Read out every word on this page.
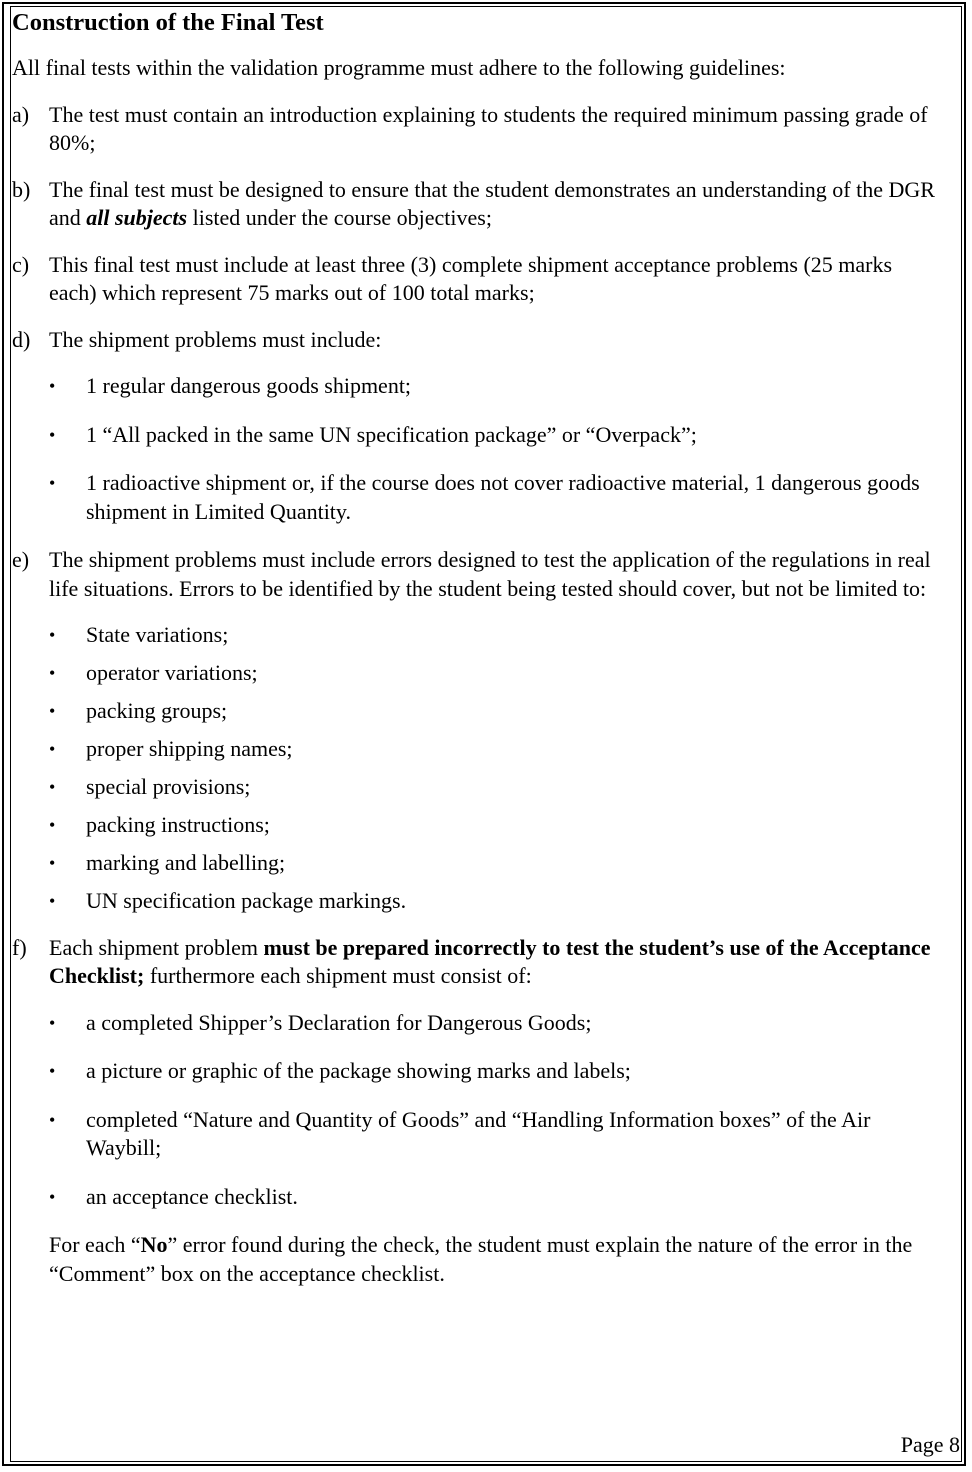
Construction of the Final Test

All final tests within the validation programme must adhere to the following guidelines:

a) The test must contain an introduction explaining to students the required minimum passing grade of 80%;
b) The final test must be designed to ensure that the student demonstrates an understanding of the DGR and all subjects listed under the course objectives;
c) This final test must include at least three (3) complete shipment acceptance problems (25 marks each) which represent 75 marks out of 100 total marks;
d) The shipment problems must include:
•	1 regular dangerous goods shipment;
•	1 “All packed in the same UN specification package” or “Overpack”;
•	1 radioactive shipment or, if the course does not cover radioactive material, 1 dangerous goods shipment in Limited Quantity.
e) The shipment problems must include errors designed to test the application of the regulations in real life situations. Errors to be identified by the student being tested should cover, but not be limited to:
•	State variations;
•	operator variations;
•	packing groups;
•	proper shipping names;
•	special provisions;
•	packing instructions;
•	marking and labelling;
•	UN specification package markings.
f)	Each shipment problem must be prepared incorrectly to test the student’s use of the Acceptance Checklist; furthermore each shipment must consist of:
•	a completed Shipper’s Declaration for Dangerous Goods;
•	a picture or graphic of the package showing marks and labels;
•	completed “Nature and Quantity of Goods” and “Handling Information boxes” of the Air Waybill;
•	an acceptance checklist.

For each “No” error found during the check, the student must explain the nature of the error in the “Comment” box on the acceptance checklist.

Page 8
